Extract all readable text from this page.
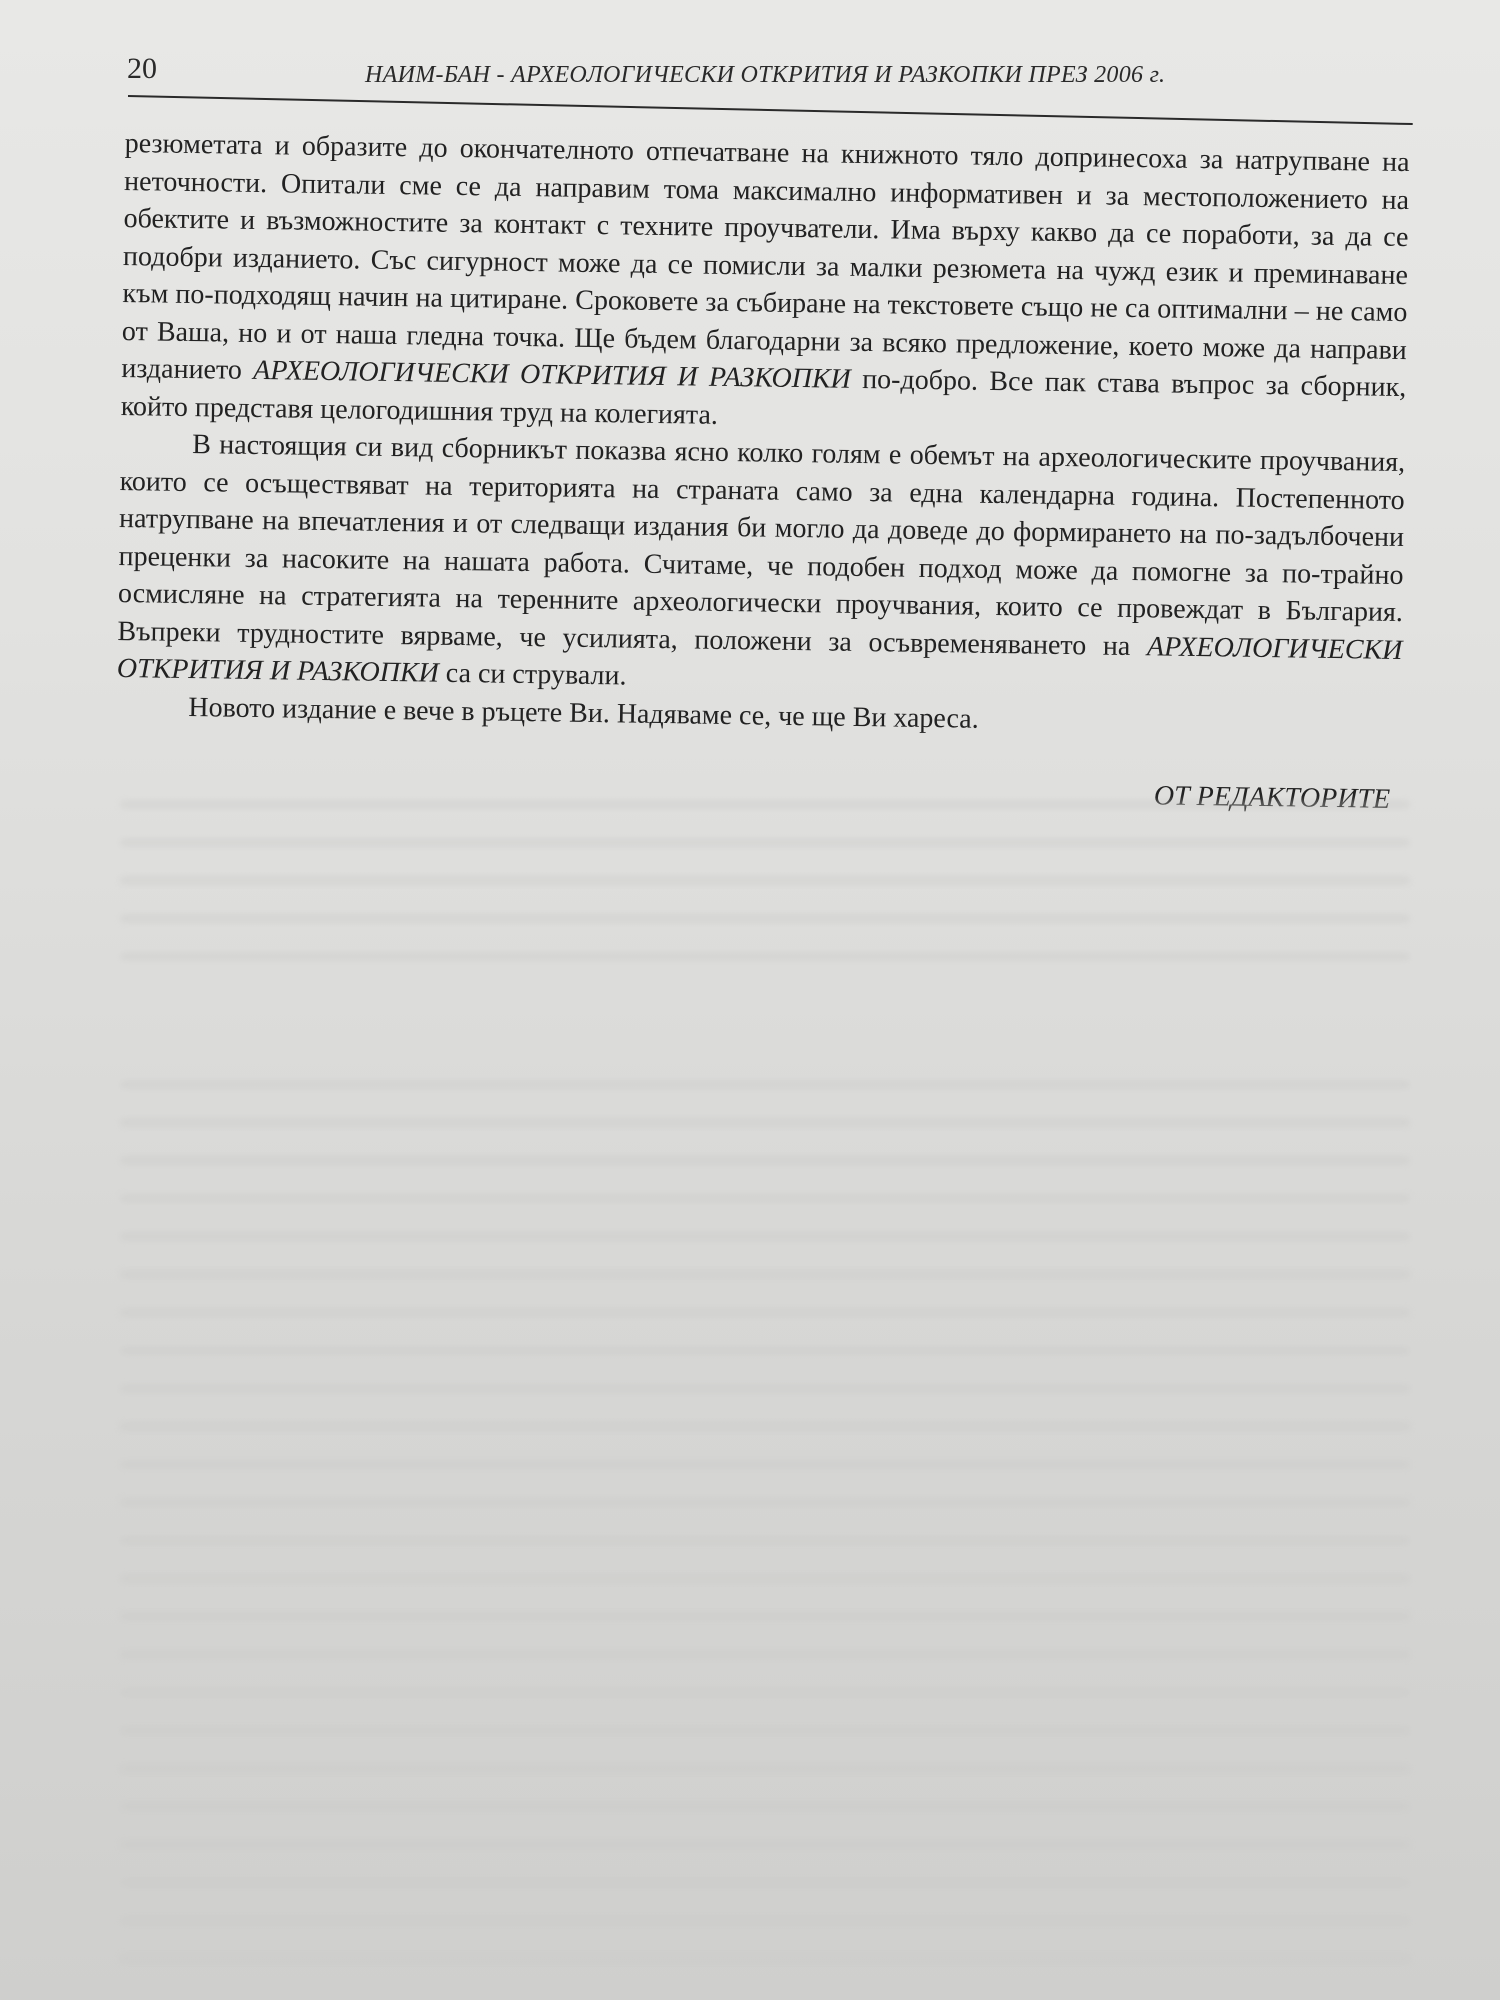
20	НАИМ-БАН - АРХЕОЛОГИЧЕСКИ ОТКРИТИЯ И РАЗКОПКИ ПРЕЗ 2006 г.

резюметата и образите до окончателното отпечатване на книжното тяло допринесоха за натрупване на неточности. Опитали сме се да направим тома максимално информативен и за местоположението на обектите и възможностите за контакт с техните проучватели. Има върху какво да се поработи, за да се подобри изданието. Със сигурност може да се помисли за малки резюмета на чужд език и преминаване към по-подходящ начин на цитиране. Сроковете за събиране на текстовете също не са оптимални – не само от Ваша, но и от наша гледна точка. Ще бъдем благодарни за всяко предложение, което може да направи изданието АРХЕОЛОГИЧЕСКИ ОТКРИТИЯ И РАЗКОПКИ по-добро. Все пак става въпрос за сборник, който представя целогодишния труд на колегията.

В настоящия си вид сборникът показва ясно колко голям е обемът на археологическите проучвания, които се осъществяват на територията на страната само за една календарна година. Постепенното натрупване на впечатления и от следващи издания би могло да доведе до формирането на по-задълбочени преценки за насоките на нашата работа. Считаме, че подобен подход може да помогне за по-трайно осмисляне на стратегията на теренните археологически проучвания, които се провеждат в България. Въпреки трудностите вярваме, че усилията, положени за осъвременяването на АРХЕОЛОГИЧЕСКИ ОТКРИТИЯ И РАЗКОПКИ са си стрували.

Новото издание е вече в ръцете Ви. Надяваме се, че ще Ви хареса.

ОТ РЕДАКТОРИТЕ
